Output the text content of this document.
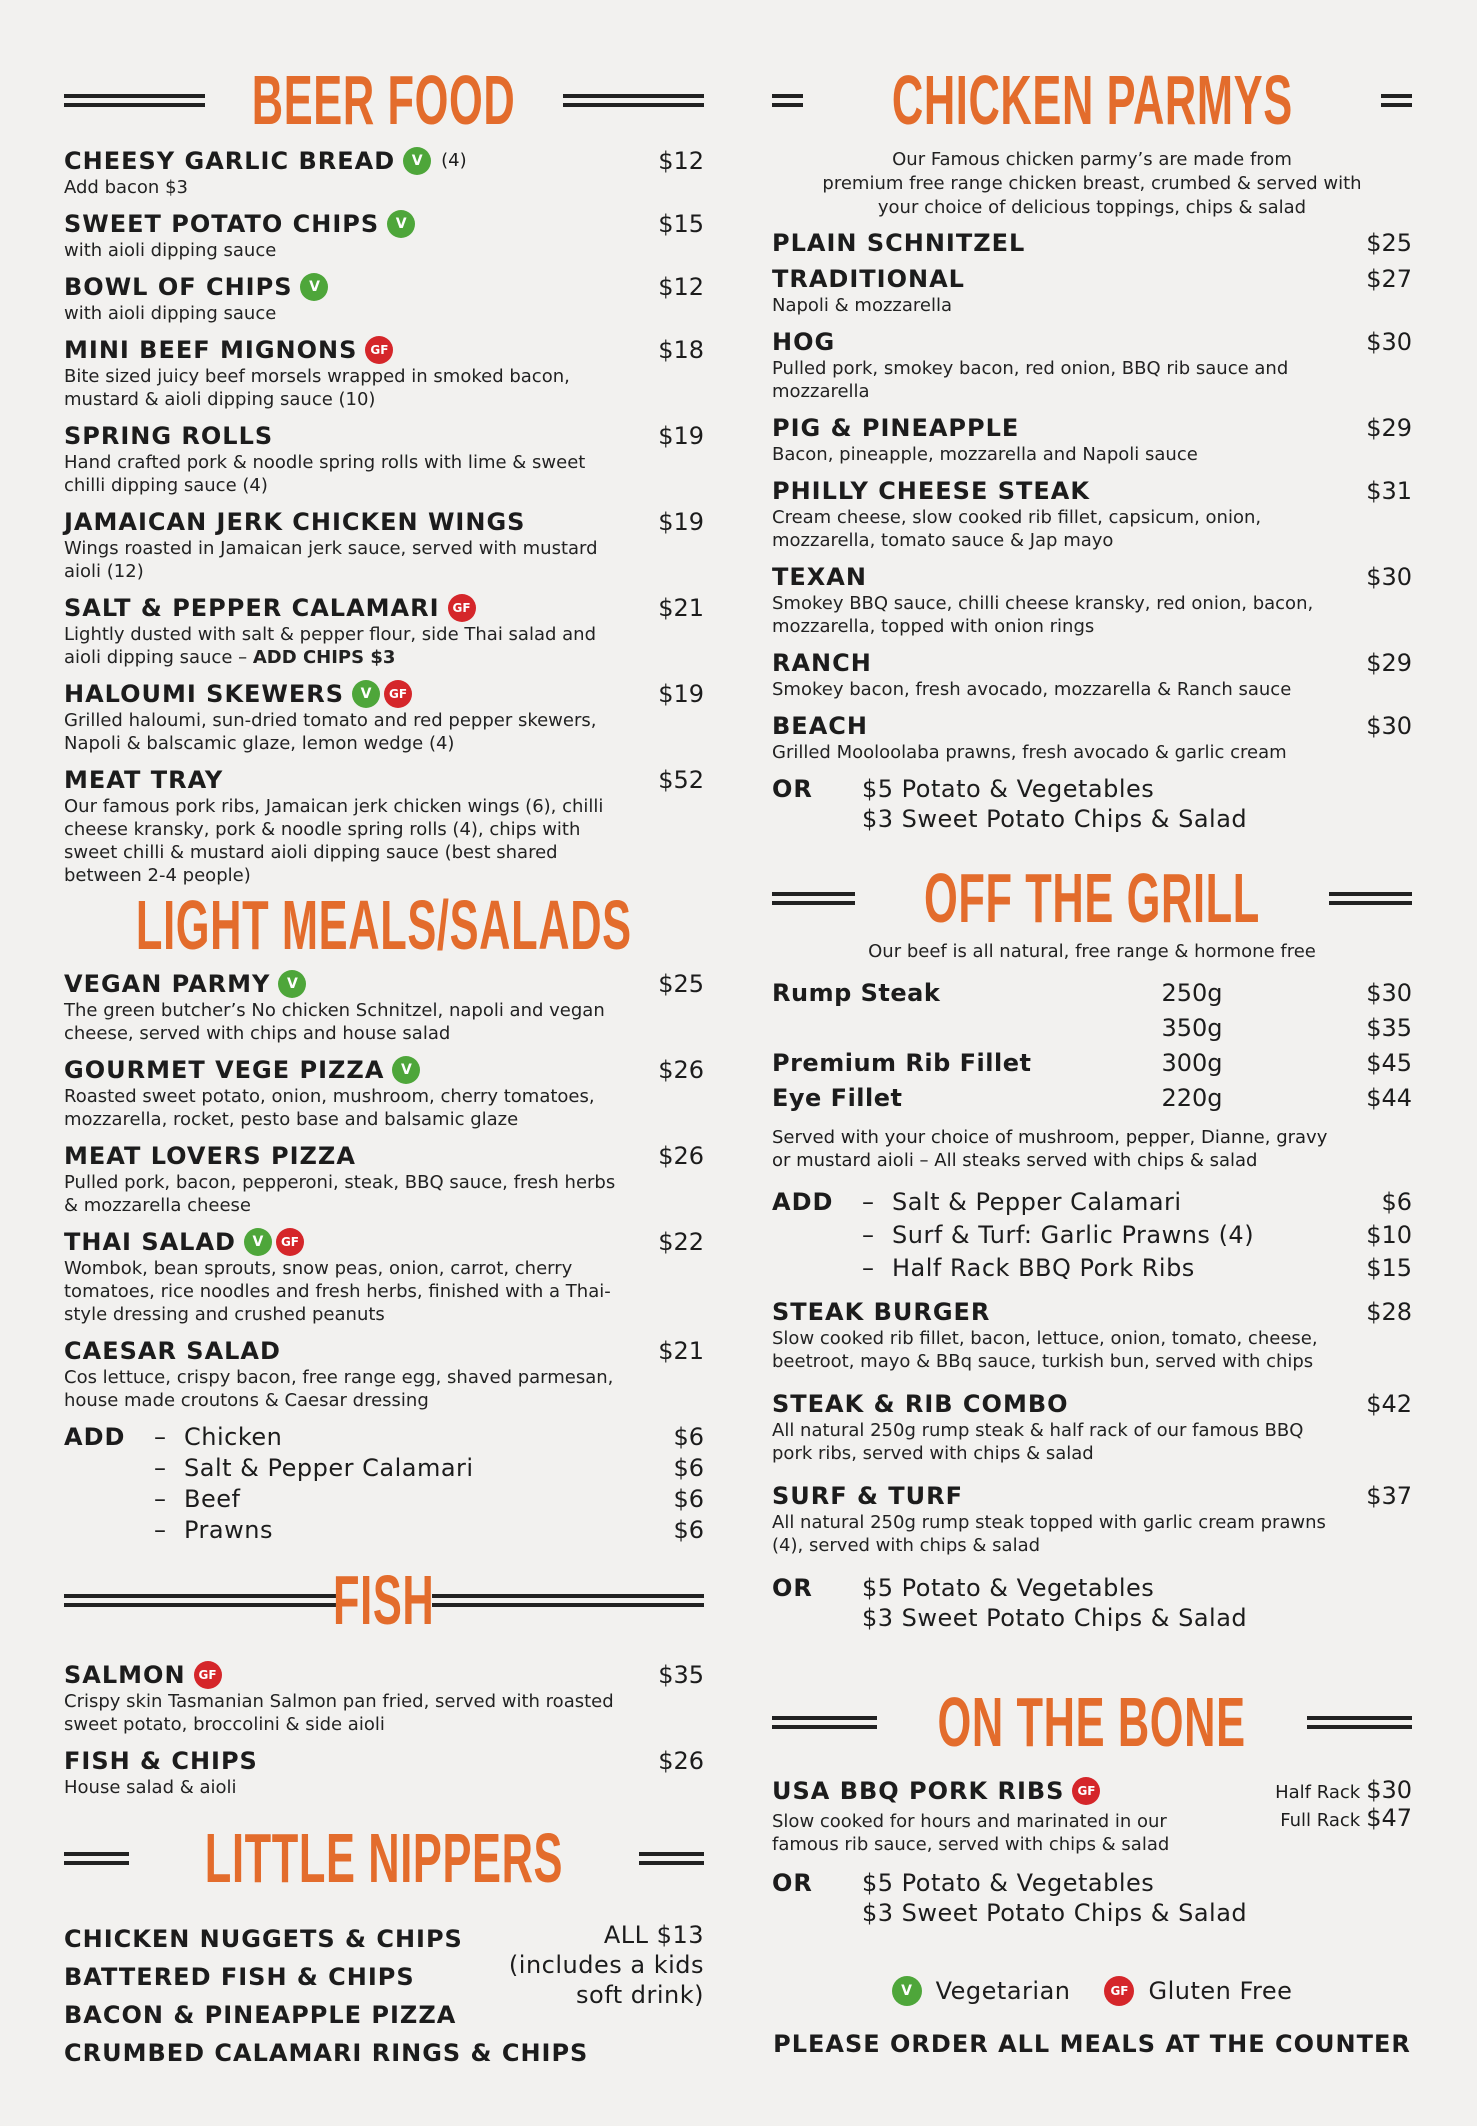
BEER FOOD
CHEESY GARLIC BREAD	V	(4)	$12
Add bacon $3
SWEET POTATO CHIPS	V	$15
with aioli dipping sauce
BOWL OF CHIPS	V	$12
with aioli dipping sauce
MINI BEEF MIGNONS	GF	$18
Bite sized juicy beef morsels wrapped in smoked bacon, mustard & aioli dipping sauce (10)
SPRING ROLLS	$19
Hand crafted pork & noodle spring rolls with lime & sweet chilli dipping sauce (4)
JAMAICAN JERK CHICKEN WINGS	$19
Wings roasted in Jamaican jerk sauce, served with mustard aioli (12)
SALT & PEPPER CALAMARI	GF	$21
Lightly dusted with salt & pepper flour, side Thai salad and aioli dipping sauce – ADD CHIPS $3
HALOUMI SKEWERS	V	GF	$19
Grilled haloumi, sun-dried tomato and red pepper skewers, Napoli & balscamic glaze, lemon wedge (4)
MEAT TRAY	$52
Our famous pork ribs, Jamaican jerk chicken wings (6), chilli cheese kransky, pork & noodle spring rolls (4), chips with sweet chilli & mustard aioli dipping sauce (best shared between 2-4 people)
LIGHT MEALS/SALADS
VEGAN PARMY	V	$25
The green butcher’s No chicken Schnitzel, napoli and vegan cheese, served with chips and house salad
GOURMET VEGE PIZZA	V	$26
Roasted sweet potato, onion, mushroom, cherry tomatoes, mozzarella, rocket, pesto base and balsamic glaze
MEAT LOVERS PIZZA	$26
Pulled pork, bacon, pepperoni, steak, BBQ sauce, fresh herbs & mozzarella cheese
THAI SALAD	V	GF	$22
Wombok, bean sprouts, snow peas, onion, carrot, cherry tomatoes, rice noodles and fresh herbs, finished with a Thai-style dressing and crushed peanuts
CAESAR SALAD	$21
Cos lettuce, crispy bacon, free range egg, shaved parmesan, house made croutons & Caesar dressing
ADD	– Chicken	$6
– Salt & Pepper Calamari	$6
– Beef	$6
– Prawns	$6
FISH
SALMON	GF	$35
Crispy skin Tasmanian Salmon pan fried, served with roasted sweet potato, broccolini & side aioli
FISH & CHIPS	$26
House salad & aioli
LITTLE NIPPERS
CHICKEN NUGGETS & CHIPS
BATTERED FISH & CHIPS
BACON & PINEAPPLE PIZZA
CRUMBED CALAMARI RINGS & CHIPS
ALL $13
(includes a kids
soft drink)
CHICKEN PARMYS
Our Famous chicken parmy’s are made from
premium free range chicken breast, crumbed & served with
your choice of delicious toppings, chips & salad
PLAIN SCHNITZEL	$25
TRADITIONAL	$27
Napoli & mozzarella
HOG	$30
Pulled pork, smokey bacon, red onion, BBQ rib sauce and mozzarella
PIG & PINEAPPLE	$29
Bacon, pineapple, mozzarella and Napoli sauce
PHILLY CHEESE STEAK	$31
Cream cheese, slow cooked rib fillet, capsicum, onion, mozzarella, tomato sauce & Jap mayo
TEXAN	$30
Smokey BBQ sauce, chilli cheese kransky, red onion, bacon, mozzarella, topped with onion rings
RANCH	$29
Smokey bacon, fresh avocado, mozzarella & Ranch sauce
BEACH	$30
Grilled Mooloolaba prawns, fresh avocado & garlic cream
OR	$5 Potato & Vegetables
$3 Sweet Potato Chips & Salad
OFF THE GRILL
Our beef is all natural, free range & hormone free
Rump Steak	250g	$30
350g	$35
Premium Rib Fillet	300g	$45
Eye Fillet	220g	$44
Served with your choice of mushroom, pepper, Dianne, gravy or mustard aioli – All steaks served with chips & salad
ADD	– Salt & Pepper Calamari	$6
– Surf & Turf: Garlic Prawns (4)	$10
– Half Rack BBQ Pork Ribs	$15
STEAK BURGER	$28
Slow cooked rib fillet, bacon, lettuce, onion, tomato, cheese, beetroot, mayo & BBq sauce, turkish bun, served with chips
STEAK & RIB COMBO	$42
All natural 250g rump steak & half rack of our famous BBQ pork ribs, served with chips & salad
SURF & TURF	$37
All natural 250g rump steak topped with garlic cream prawns (4), served with chips & salad
OR	$5 Potato & Vegetables
$3 Sweet Potato Chips & Salad
ON THE BONE
USA BBQ PORK RIBS	GF
Slow cooked for hours and marinated in our famous rib sauce, served with chips & salad
Half Rack $30
Full Rack $47
OR	$5 Potato & Vegetables
$3 Sweet Potato Chips & Salad
V Vegetarian	GF Gluten Free
PLEASE ORDER ALL MEALS AT THE COUNTER
